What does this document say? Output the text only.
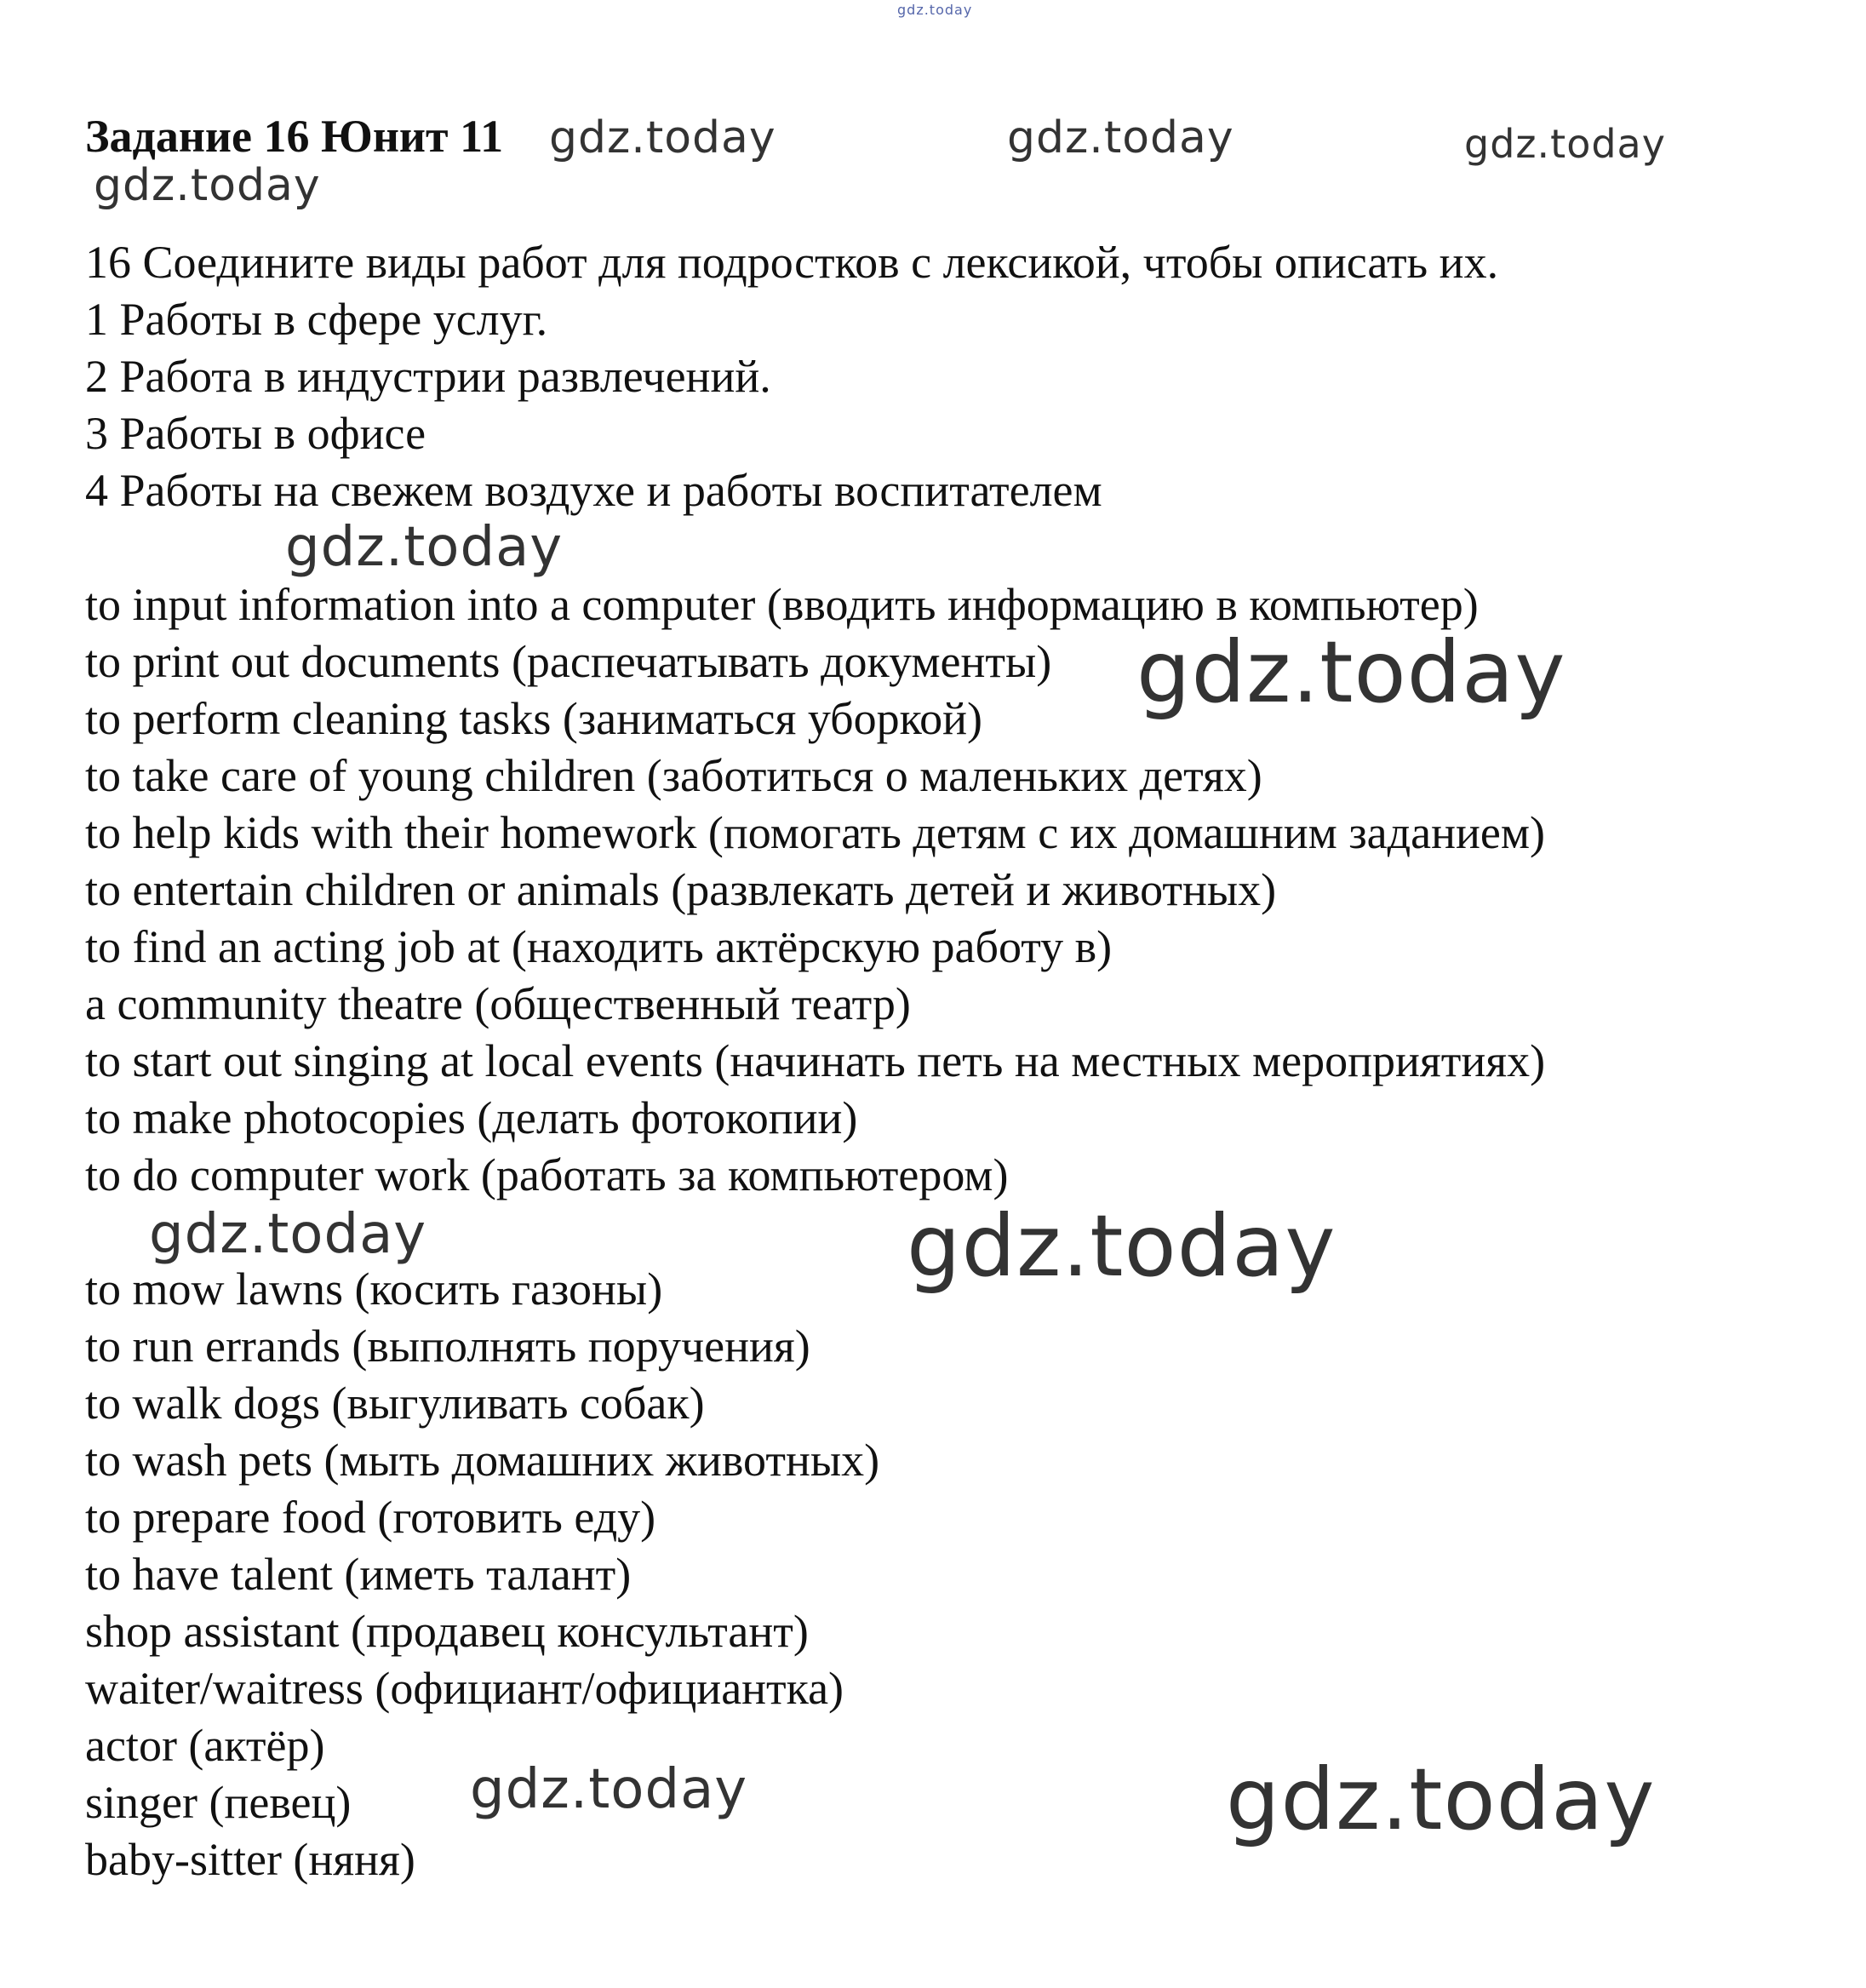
gdz.today
gdz.today	gdz.today	gdz.today
gdz.today
gdz.today
gdz.today
gdz.today	gdz.today
gdz.today	gdz.today
Задание 16 Юнит 11
16 Соедините виды работ для подростков с лексикой, чтобы описать их.
1 Работы в сфере услуг.
2 Работа в индустрии развлечений.
3 Работы в офисе
4 Работы на свежем воздухе и работы воспитателем
to input information into a computer (вводить информацию в компьютер)
to print out documents (распечатывать документы)
to perform cleaning tasks (заниматься уборкой)
to take care of young children (заботиться о маленьких детях)
to help kids with their homework (помогать детям с их домашним заданием)
to entertain children or animals (развлекать детей и животных)
to find an acting job at (находить актёрскую работу в)
a community theatre (общественный театр)
to start out singing at local events (начинать петь на местных мероприятиях)
to make photocopies (делать фотокопии)
to do computer work (работать за компьютером)
to mow lawns (косить газоны)
to run errands (выполнять поручения)
to walk dogs (выгуливать собак)
to wash pets (мыть домашних животных)
to prepare food (готовить еду)
to have talent (иметь талант)
shop assistant (продавец консультант)
waiter/waitress (официант/официантка)
actor (актёр)
singer (певец)
baby-sitter (няня)
